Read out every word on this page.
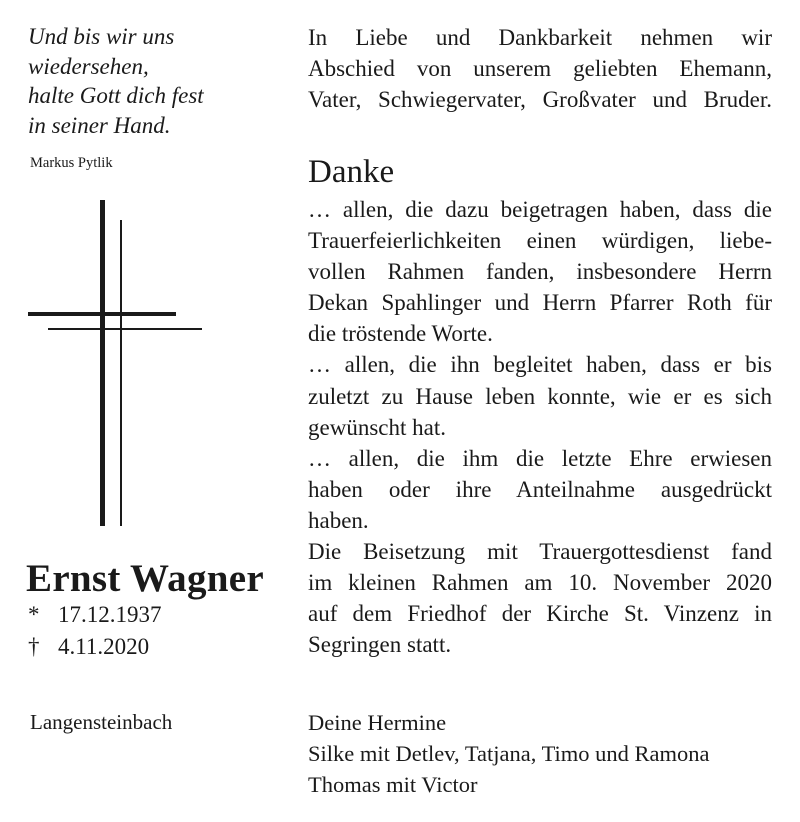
Und bis wir uns
wiedersehen,
halte Gott dich fest
in seiner Hand.
Markus Pytlik
Ernst Wagner
* 17.12.1937
† 4.11.2020
Langensteinbach
In Liebe und Dankbarkeit nehmen wir
Abschied von unserem geliebten Ehemann,
Vater, Schwiegervater, Großvater und Bruder.
Danke
… allen, die dazu beigetragen haben, dass die
Trauerfeierlichkeiten einen würdigen, liebe-
vollen Rahmen fanden, insbesondere Herrn
Dekan Spahlinger und Herrn Pfarrer Roth für
die tröstende Worte.
… allen, die ihn begleitet haben, dass er bis
zuletzt zu Hause leben konnte, wie er es sich
gewünscht hat.
… allen, die ihm die letzte Ehre erwiesen
haben oder ihre Anteilnahme ausgedrückt
haben.
Die Beisetzung mit Trauergottesdienst fand
im kleinen Rahmen am 10. November 2020
auf dem Friedhof der Kirche St. Vinzenz in
Segringen statt.
Deine Hermine
Silke mit Detlev, Tatjana, Timo und Ramona
Thomas mit Victor
